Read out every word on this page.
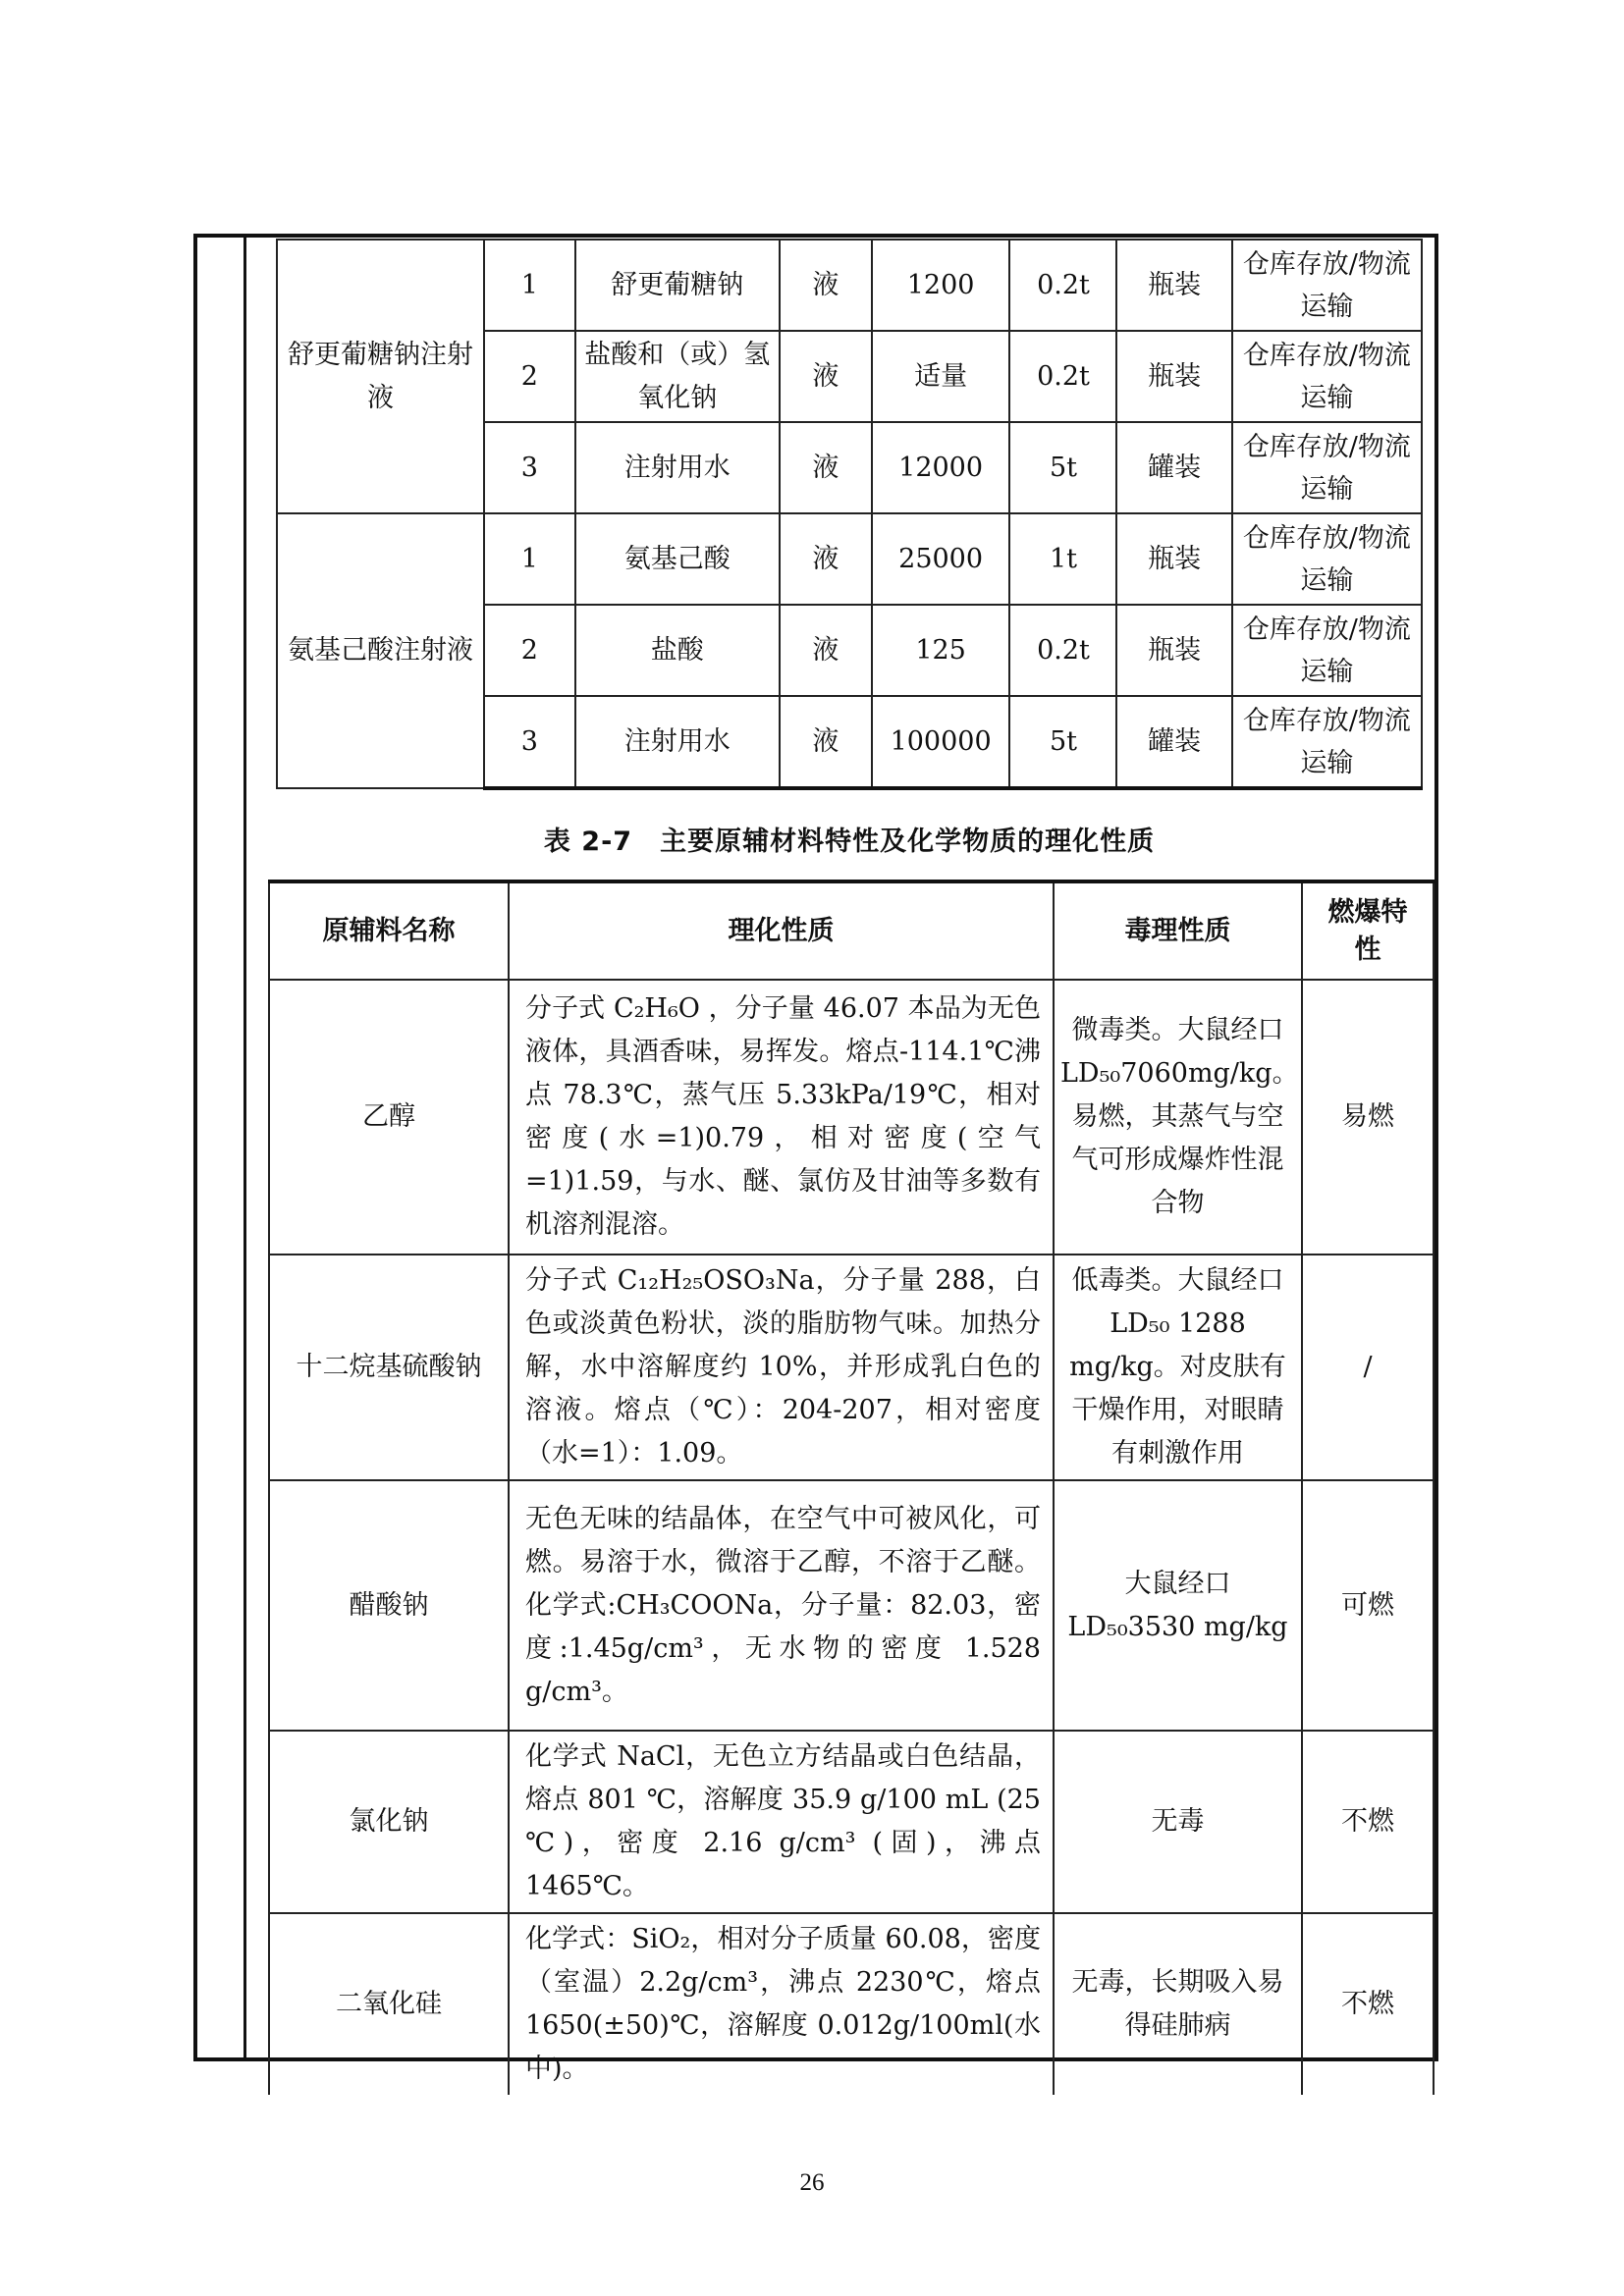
舒更葡糖钠注射液	1	舒更葡糖钠	液	1200	0.2t	瓶装	仓库存放/物流运输
	2	盐酸和（或）氢氧化钠	液	适量	0.2t	瓶装	仓库存放/物流运输
	3	注射用水	液	12000	5t	罐装	仓库存放/物流运输
氨基己酸注射液	1	氨基己酸	液	25000	1t	瓶装	仓库存放/物流运输
	2	盐酸	液	125	0.2t	瓶装	仓库存放/物流运输
	3	注射用水	液	100000	5t	罐装	仓库存放/物流运输
表 2-7　主要原辅材料特性及化学物质的理化性质
原辅料名称	理化性质	毒理性质	燃爆特性
乙醇	分子式 C₂H₆O ，分子量 46.07 本品为无色液体，具酒香味，易挥发。熔点-114.1℃沸点 78.3℃，蒸气压 5.33kPa/19℃，相对密度(水=1)0.79，相对密度(空气=1)1.59，与水、醚、氯仿及甘油等多数有机溶剂混溶。	微毒类。大鼠经口 LD₅₀7060mg/kg。易燃，其蒸气与空气可形成爆炸性混合物	易燃
十二烷基硫酸钠	分子式 C₁₂H₂₅OSO₃Na，分子量 288，白色或淡黄色粉状，淡的脂肪物气味。加热分解，水中溶解度约 10%，并形成乳白色的溶液。熔点（℃）：204-207，相对密度（水=1）：1.09。	低毒类。大鼠经口 LD₅₀ 1288 mg/kg。对皮肤有干燥作用，对眼睛有刺激作用	/
醋酸钠	无色无味的结晶体，在空气中可被风化，可燃。易溶于水，微溶于乙醇，不溶于乙醚。化学式:CH₃COONa，分子量：82.03，密度:1.45g/cm³，无水物的密度 1.528 g/cm³。	大鼠经口 LD₅₀3530 mg/kg	可燃
氯化钠	化学式 NaCl，无色立方结晶或白色结晶，熔点 801 ℃，溶解度 35.9 g/100 mL (25 ℃)，密度 2.16 g/cm³ (固)，沸点 1465℃。	无毒	不燃
二氧化硅	化学式：SiO₂，相对分子质量 60.08，密度（室温）2.2g/cm³，沸点 2230℃，熔点 1650(±50)℃，溶解度 0.012g/100ml(水中)。	无毒，长期吸入易得硅肺病	不燃
26
